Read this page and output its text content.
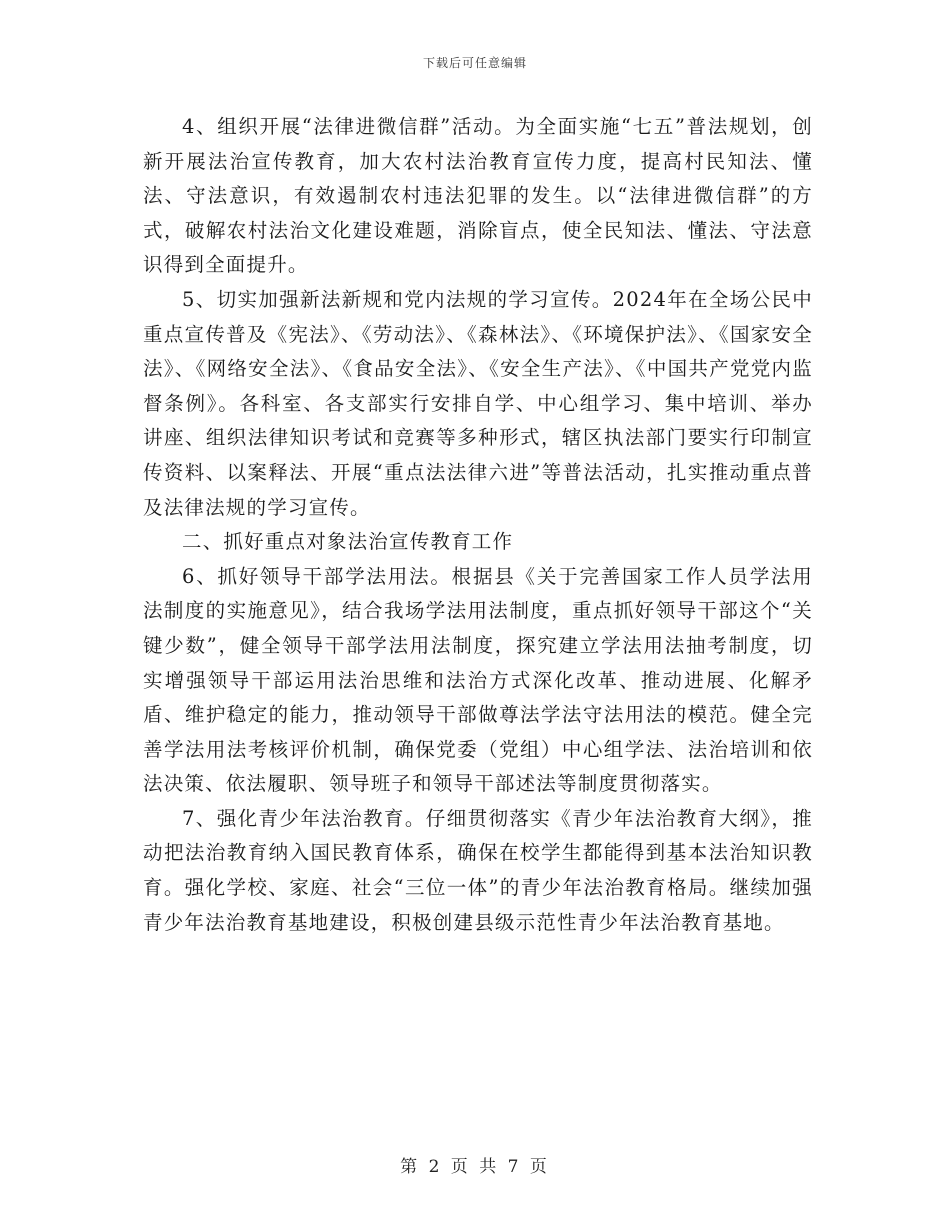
下载后可任意编辑

4、组织开展“法律进微信群”活动。为全面实施“七五”普法规划，创新开展法治宣传教育，加大农村法治教育宣传力度，提高村民知法、懂法、守法意识，有效遏制农村违法犯罪的发生。以“法律进微信群”的方式，破解农村法治文化建设难题，消除盲点，使全民知法、懂法、守法意识得到全面提升。

5、切实加强新法新规和党内法规的学习宣传。2024年在全场公民中重点宣传普及《宪法》、《劳动法》、《森林法》、《环境保护法》、《国家安全法》、《网络安全法》、《食品安全法》、《安全生产法》、《中国共产党党内监督条例》。各科室、各支部实行安排自学、中心组学习、集中培训、举办讲座、组织法律知识考试和竞赛等多种形式，辖区执法部门要实行印制宣传资料、以案释法、开展“重点法法律六进”等普法活动，扎实推动重点普及法律法规的学习宣传。

二、抓好重点对象法治宣传教育工作

6、抓好领导干部学法用法。根据县《关于完善国家工作人员学法用法制度的实施意见》，结合我场学法用法制度，重点抓好领导干部这个“关键少数”，健全领导干部学法用法制度，探究建立学法用法抽考制度，切实增强领导干部运用法治思维和法治方式深化改革、推动进展、化解矛盾、维护稳定的能力，推动领导干部做尊法学法守法用法的模范。健全完善学法用法考核评价机制，确保党委（党组）中心组学法、法治培训和依法决策、依法履职、领导班子和领导干部述法等制度贯彻落实。

7、强化青少年法治教育。仔细贯彻落实《青少年法治教育大纲》，推动把法治教育纳入国民教育体系，确保在校学生都能得到基本法治知识教育。强化学校、家庭、社会“三位一体”的青少年法治教育格局。继续加强青少年法治教育基地建设，积极创建县级示范性青少年法治教育基地。

第 2 页 共 7 页
